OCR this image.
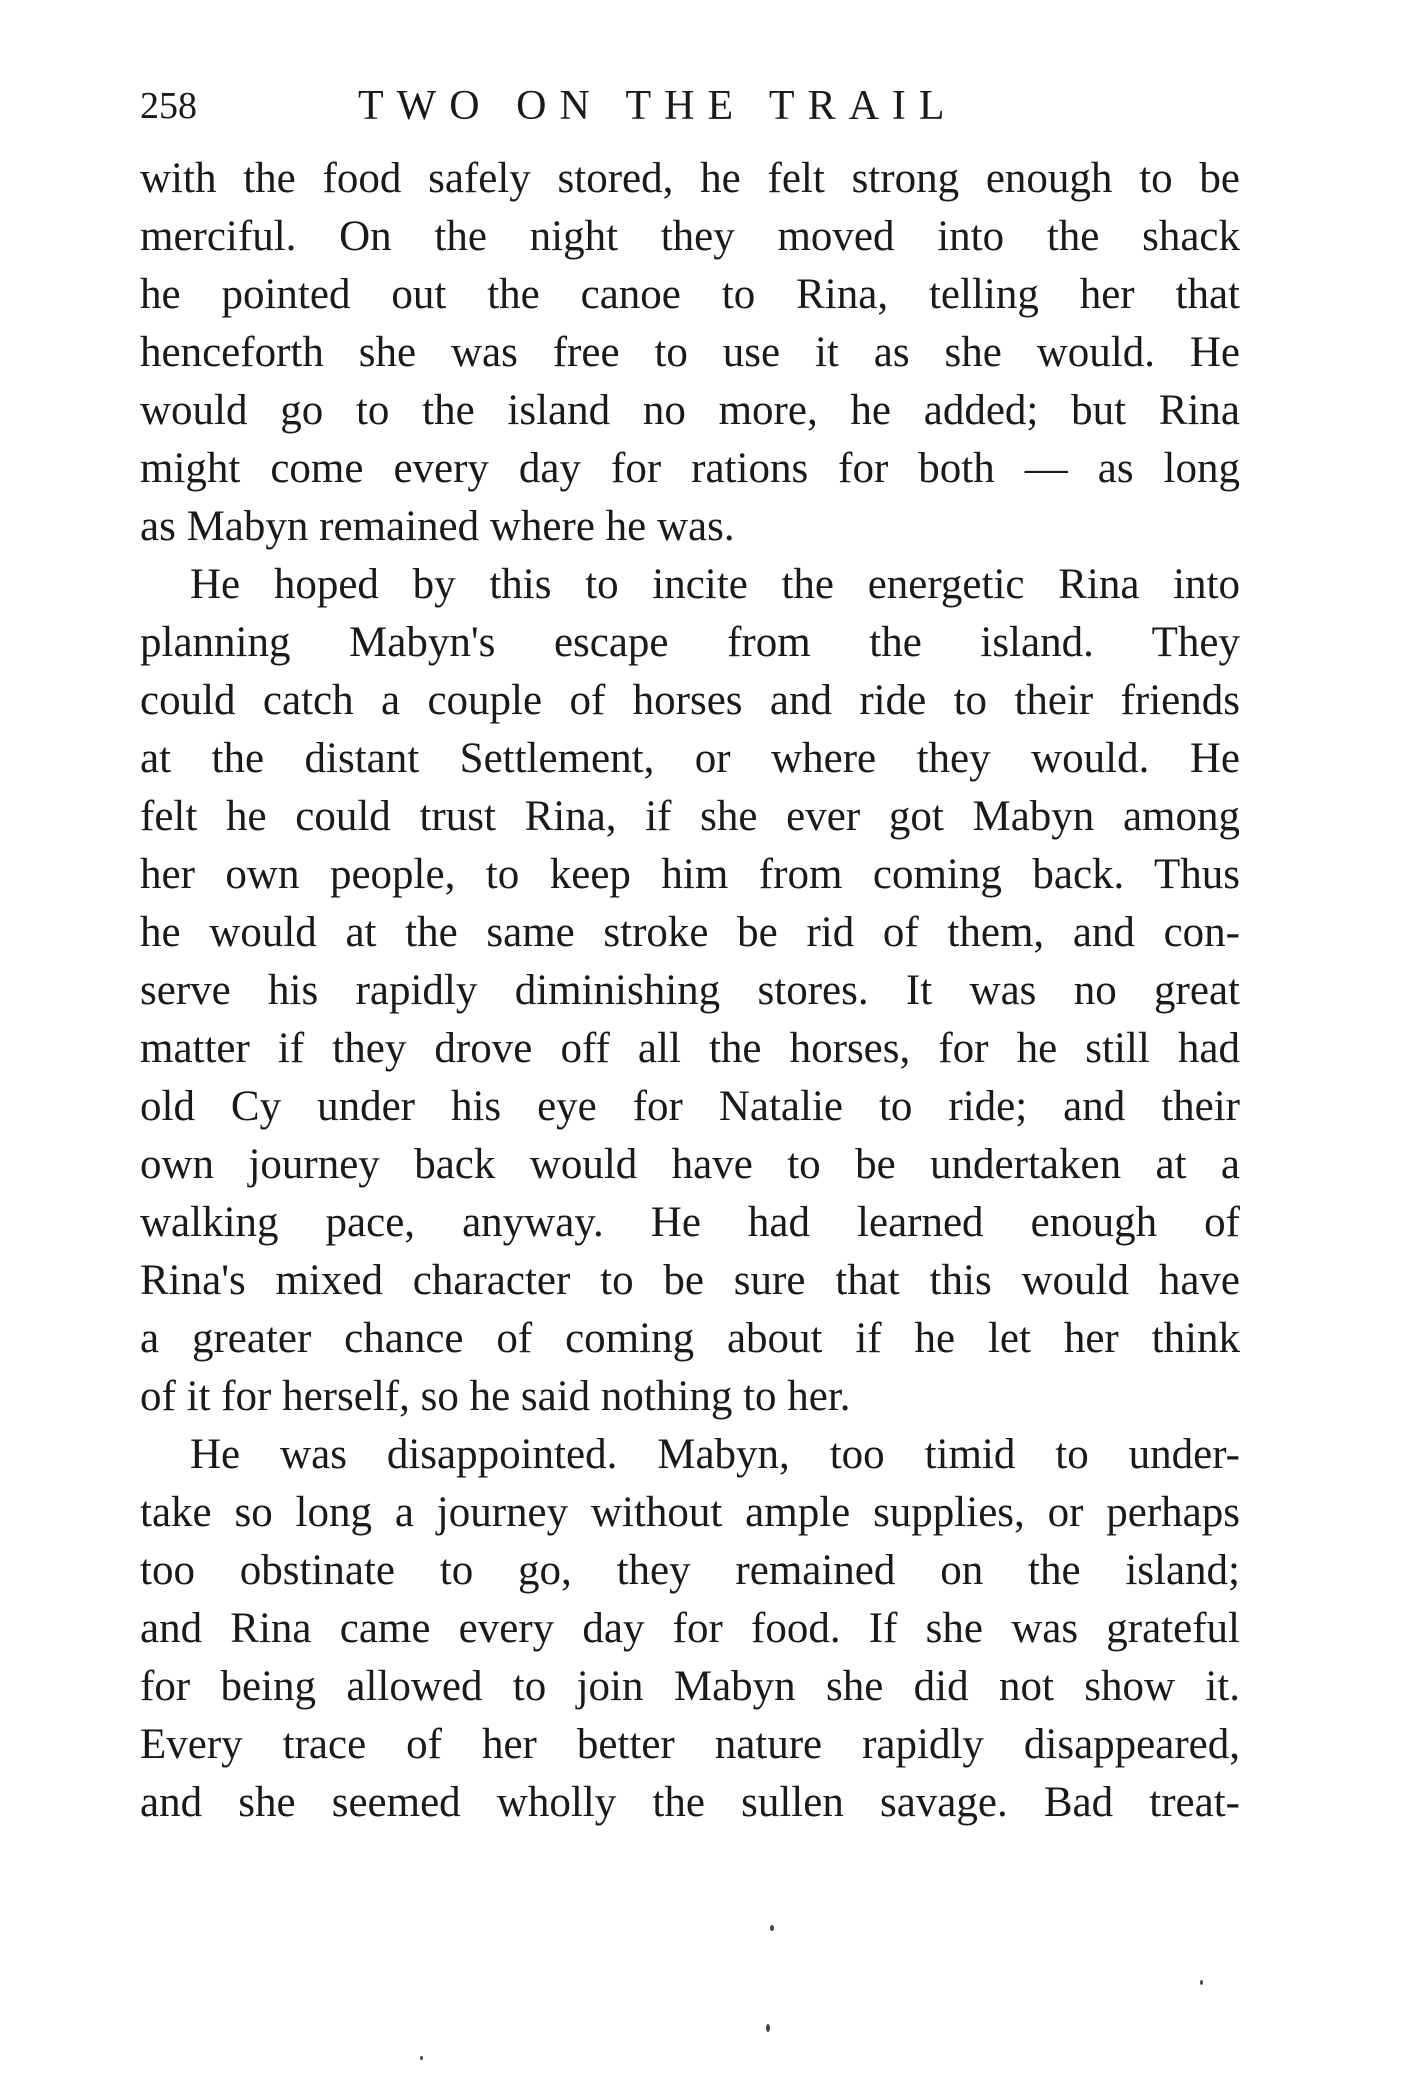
258	TWO ON THE TRAIL
with the food safely stored, he felt strong enough to be
merciful. On the night they moved into the shack
he pointed out the canoe to Rina, telling her that
henceforth she was free to use it as she would. He
would go to the island no more, he added; but Rina
might come every day for rations for both — as long
as Mabyn remained where he was.
He hoped by this to incite the energetic Rina into
planning Mabyn's escape from the island. They
could catch a couple of horses and ride to their friends
at the distant Settlement, or where they would. He
felt he could trust Rina, if she ever got Mabyn among
her own people, to keep him from coming back. Thus
he would at the same stroke be rid of them, and con-
serve his rapidly diminishing stores. It was no great
matter if they drove off all the horses, for he still had
old Cy under his eye for Natalie to ride; and their
own journey back would have to be undertaken at a
walking pace, anyway. He had learned enough of
Rina's mixed character to be sure that this would have
a greater chance of coming about if he let her think
of it for herself, so he said nothing to her.
He was disappointed. Mabyn, too timid to under-
take so long a journey without ample supplies, or perhaps
too obstinate to go, they remained on the island;
and Rina came every day for food. If she was grateful
for being allowed to join Mabyn she did not show it.
Every trace of her better nature rapidly disappeared,
and she seemed wholly the sullen savage. Bad treat-
